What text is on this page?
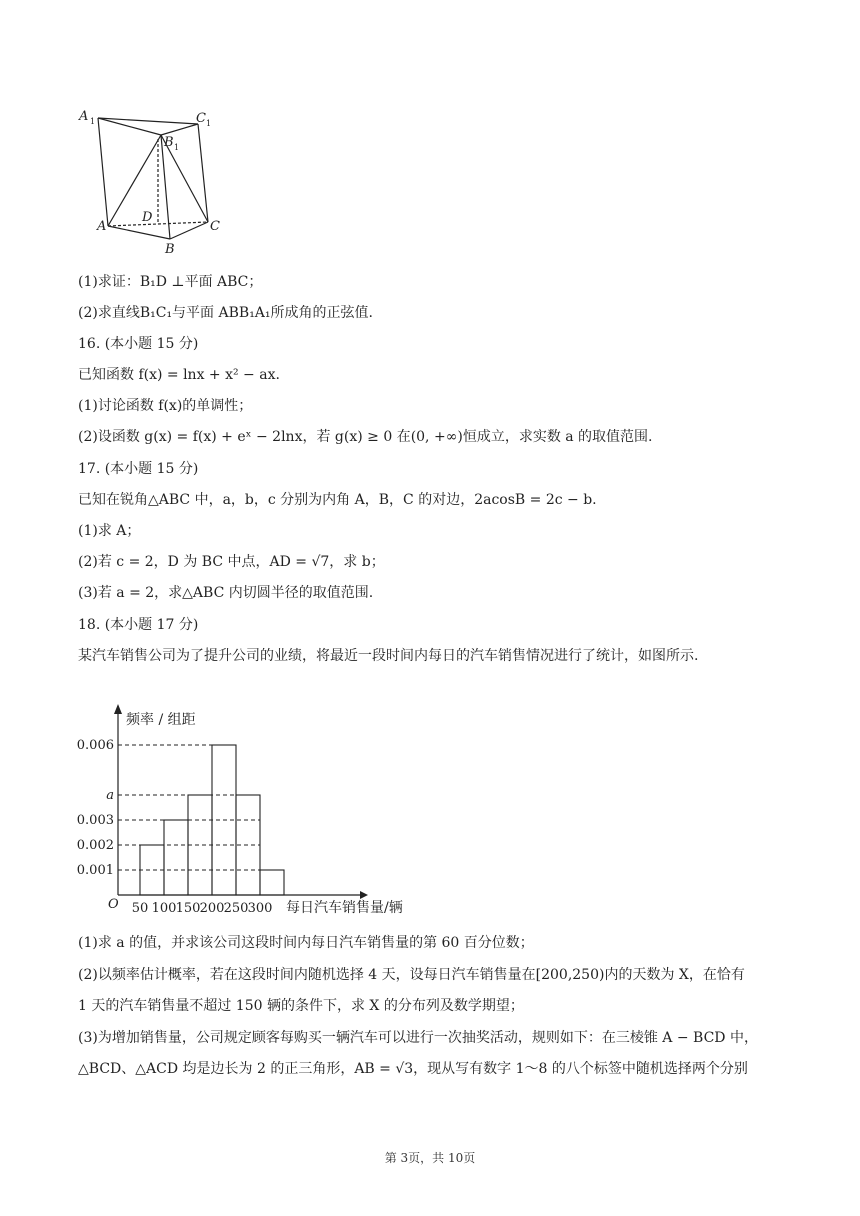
A 1	C 1
B 1
A
D
C
B
(1)求证：B₁D ⊥平面 ABC；
(2)求直线B₁C₁与平面 ABB₁A₁所成角的正弦值.
16. (本小题 15 分)
已知函数 f(x) = lnx + x² − ax.
(1)讨论函数 f(x)的单调性；
(2)设函数 g(x) = f(x) + eˣ − 2lnx，若 g(x) ≥ 0 在(0, +∞)恒成立，求实数 a 的取值范围.
17. (本小题 15 分)
已知在锐角△ABC 中，a，b，c 分别为内角 A，B，C 的对边，2acosB = 2c − b.
(1)求 A；
(2)若 c = 2，D 为 BC 中点，AD = √7，求 b；
(3)若 a = 2，求△ABC 内切圆半径的取值范围.
18. (本小题 17 分)
某汽车销售公司为了提升公司的业绩，将最近一段时间内每日的汽车销售情况进行了统计，如图所示.
频率 / 组距
每日汽车销售量/辆
O
0.001
0.002
0.003
a
0.006
50 100 150 200 250 300
(1)求 a 的值，并求该公司这段时间内每日汽车销售量的第 60 百分位数；
(2)以频率估计概率，若在这段时间内随机选择 4 天，设每日汽车销售量在[200,250)内的天数为 X，在恰有
1 天的汽车销售量不超过 150 辆的条件下，求 X 的分布列及数学期望；
(3)为增加销售量，公司规定顾客每购买一辆汽车可以进行一次抽奖活动，规则如下：在三棱锥 A − BCD 中，
△BCD、△ACD 均是边长为 2 的正三角形，AB = √3，现从写有数字 1～8 的八个标签中随机选择两个分别
第 3页，共 10页
